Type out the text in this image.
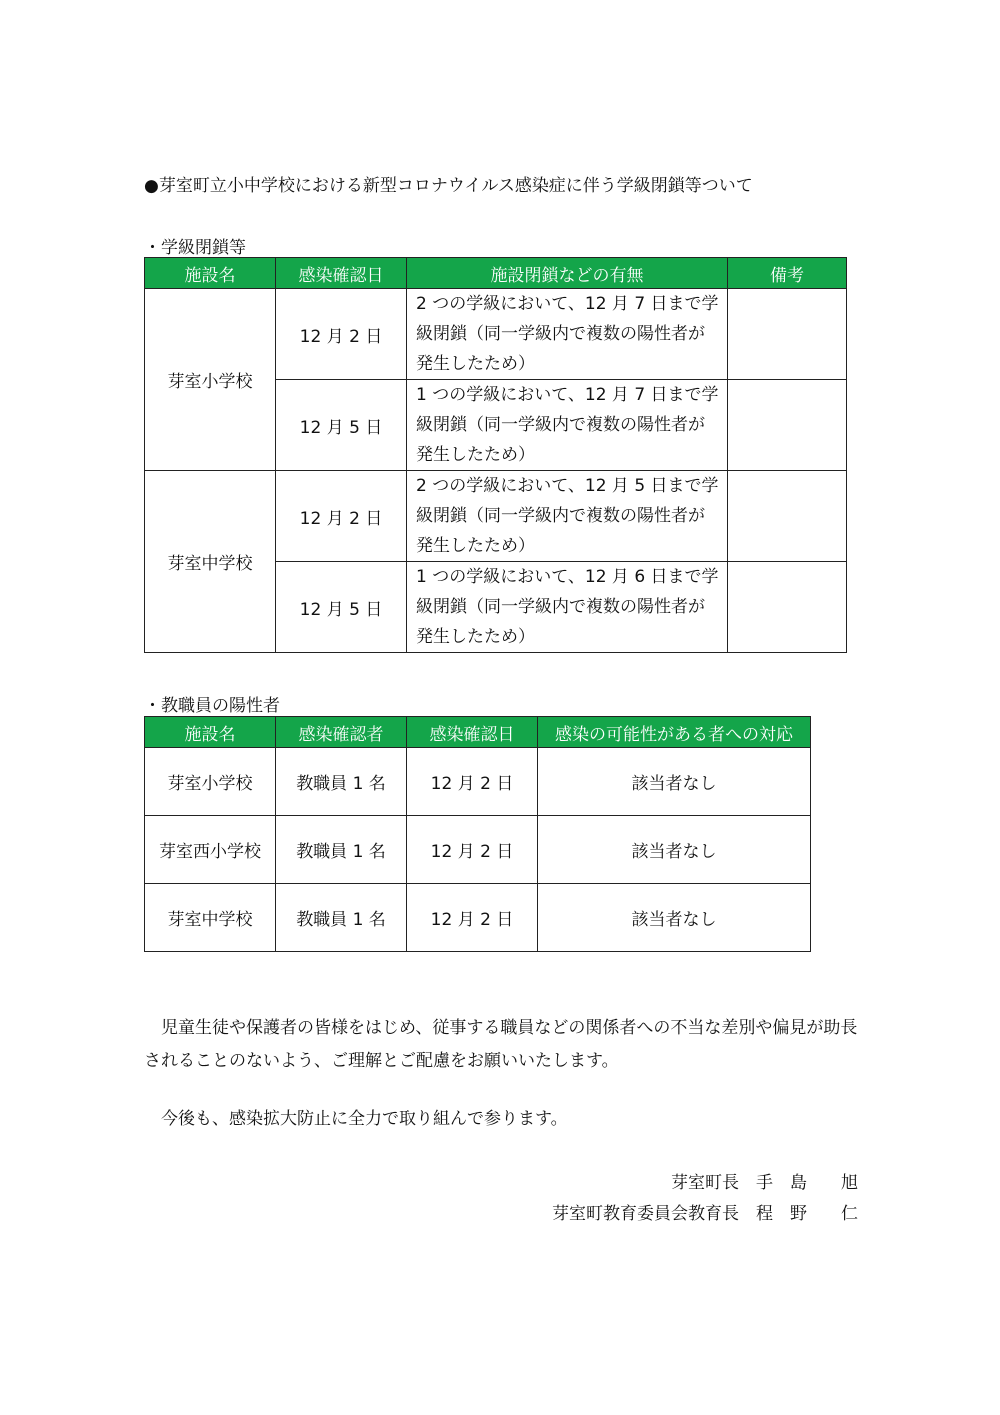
●芽室町立小中学校における新型コロナウイルス感染症に伴う学級閉鎖等ついて
・学級閉鎖等
施設名	感染確認日	施設閉鎖などの有無	備考
芽室小学校	12 月 2 日	2 つの学級において、12 月 7 日まで学
級閉鎖（同一学級内で複数の陽性者が
発生したため）	

	12 月 5 日	1 つの学級において、12 月 7 日まで学
級閉鎖（同一学級内で複数の陽性者が
発生したため）	

芽室中学校	12 月 2 日	2 つの学級において、12 月 5 日まで学
級閉鎖（同一学級内で複数の陽性者が
発生したため）	

	12 月 5 日	1 つの学級において、12 月 6 日まで学
級閉鎖（同一学級内で複数の陽性者が
発生したため）	

・教職員の陽性者
施設名	感染確認者	感染確認日	感染の可能性がある者への対応
芽室小学校	教職員 1 名	12 月 2 日	該当者なし
芽室西小学校	教職員 1 名	12 月 2 日	該当者なし
芽室中学校	教職員 1 名	12 月 2 日	該当者なし
　児童生徒や保護者の皆様をはじめ、従事する職員などの関係者への不当な差別や偏見が助長されることのないよう、ご理解とご配慮をお願いいたします。
　今後も、感染拡大防止に全力で取り組んで参ります。
芽室町長　手　島　　旭
芽室町教育委員会教育長　程　野　　仁
